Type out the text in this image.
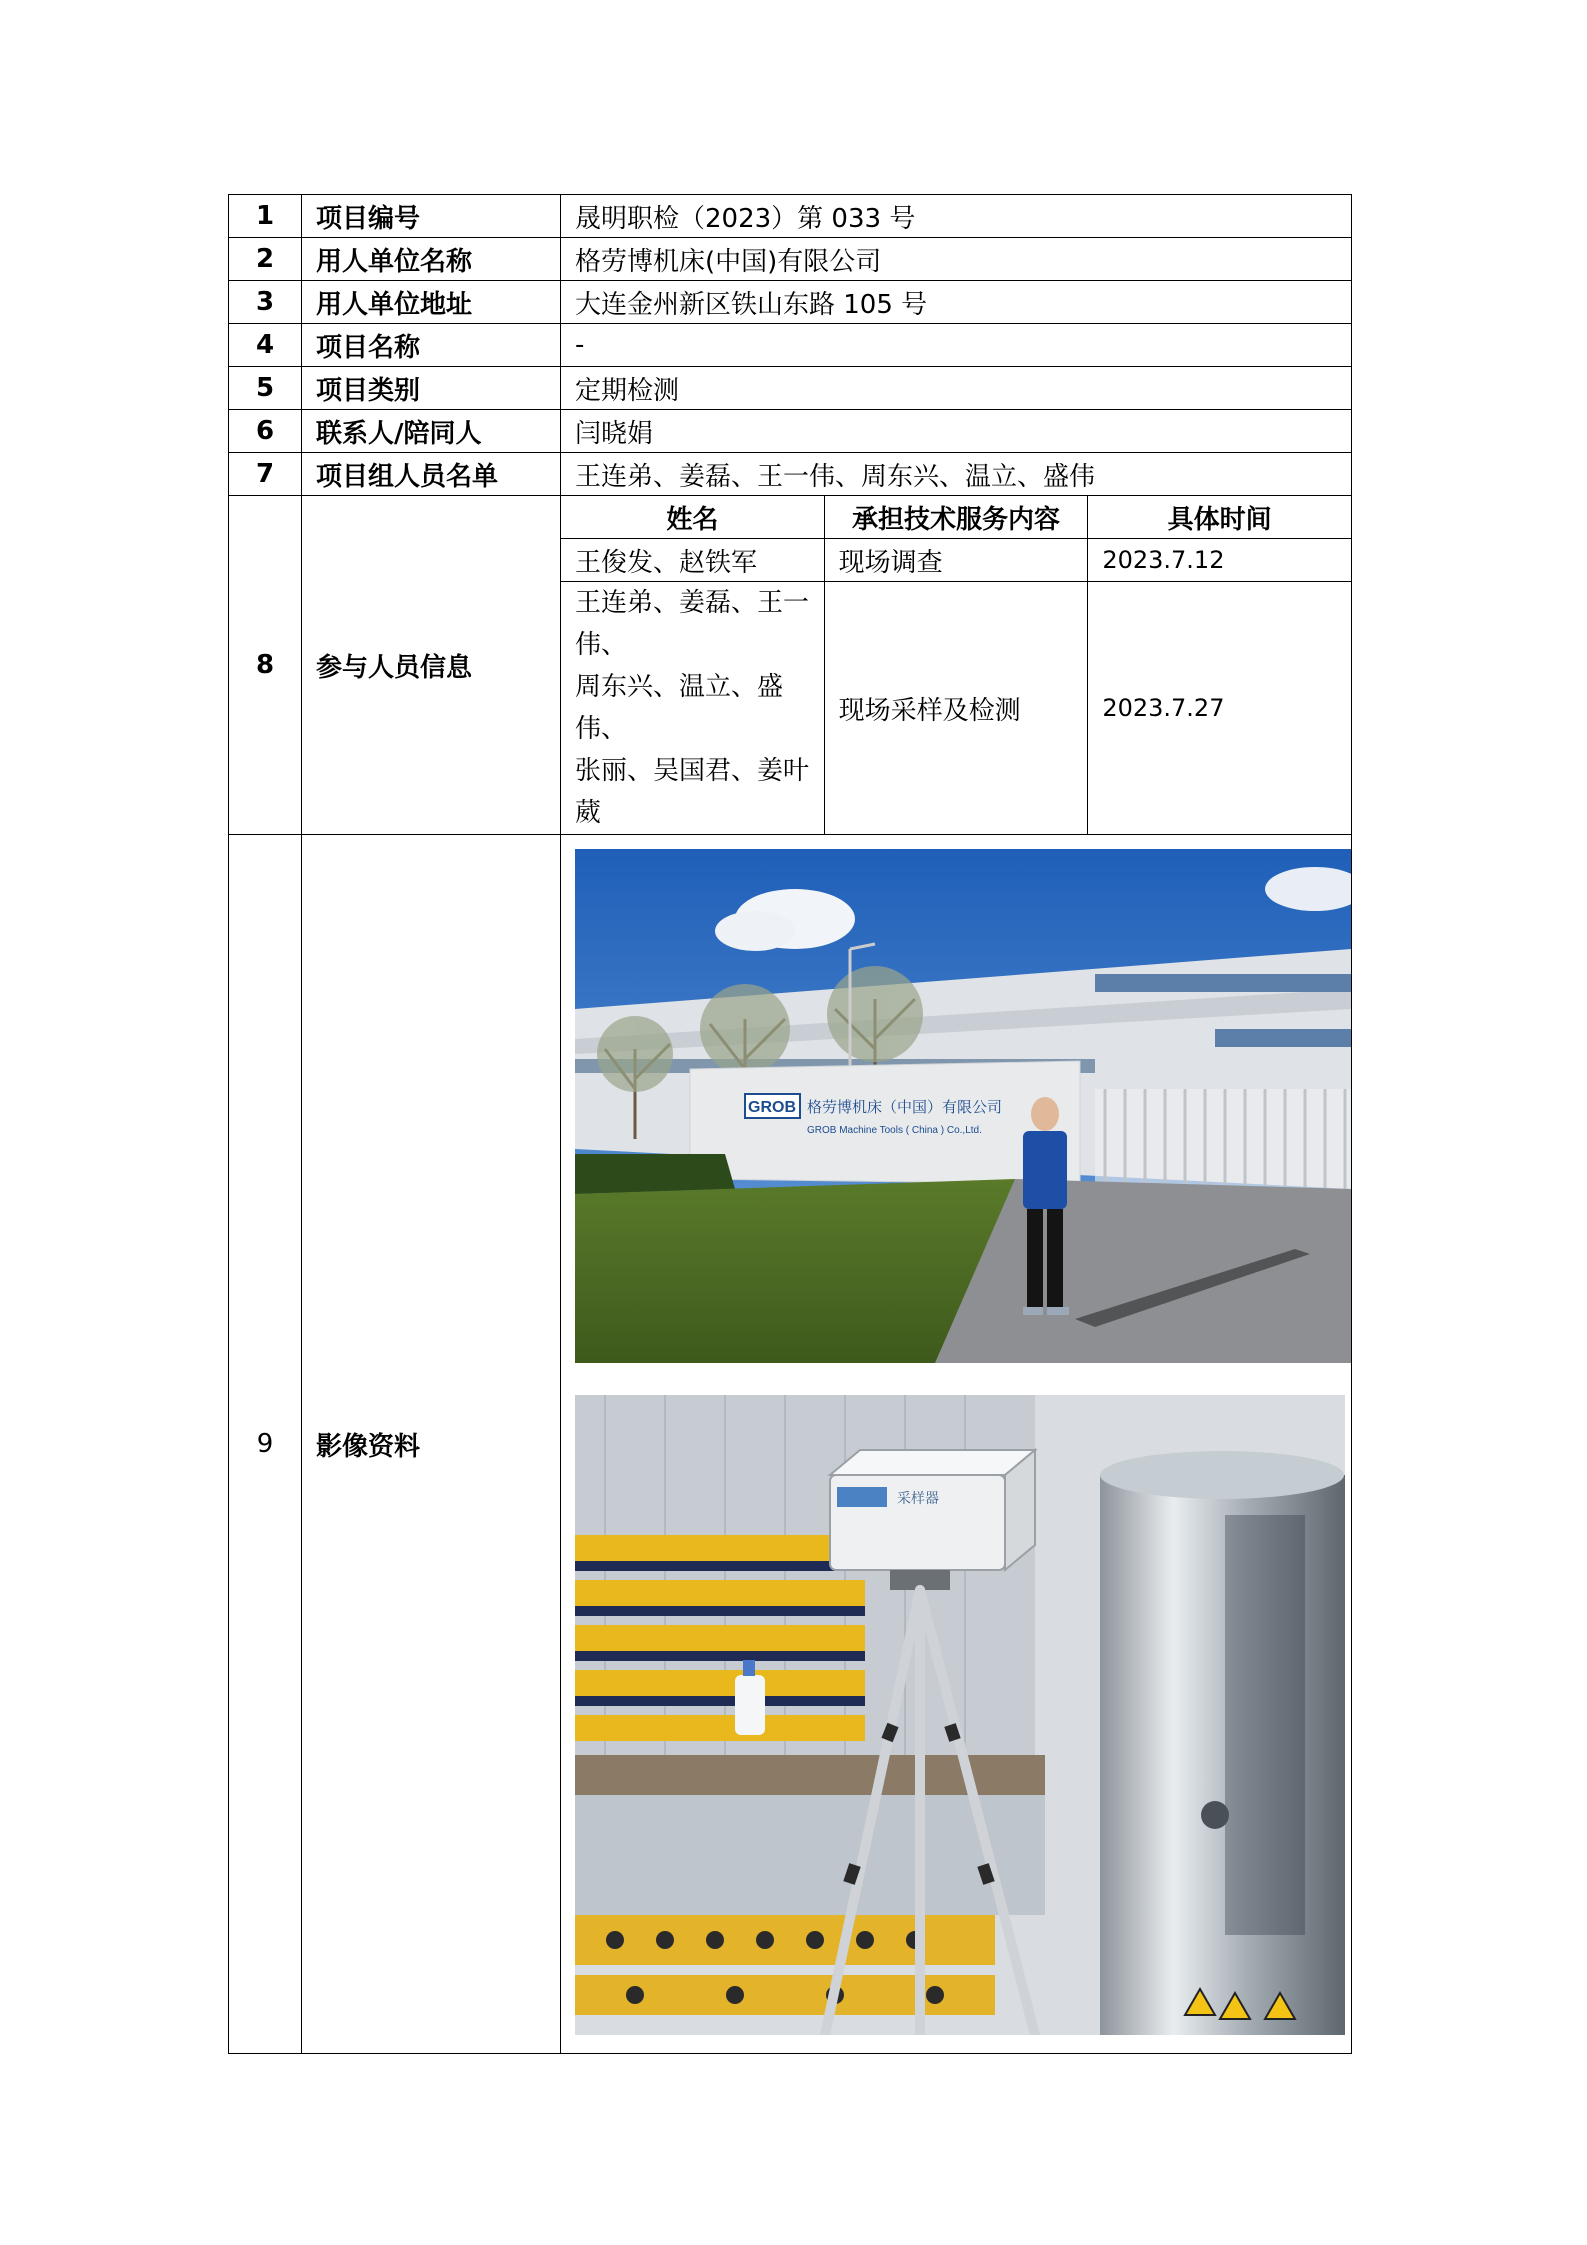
1	项目编号	晟明职检（2023）第 033 号		
2	用人单位名称	格劳博机床(中国)有限公司		
3	用人单位地址	大连金州新区铁山东路 105 号		
4	项目名称	-		
5	项目类别	定期检测		
6	联系人/陪同人	闫晓娟		
7	项目组人员名单	王连弟、姜磊、王一伟、周东兴、温立、盛伟		
8	参与人员信息	姓名	承担技术服务内容	具体时间
		王俊发、赵铁军	现场调查	2023.7.12

		王连弟、姜磊、王一伟、
周东兴、温立、盛伟、
张丽、吴国君、姜叶葳	现场采样及检测	2023.7.27
9	影像资料	GROB 格劳博机床（中国）有限公司
GROB Machine Tools ( China ) Co.,Ltd.
采样器		
